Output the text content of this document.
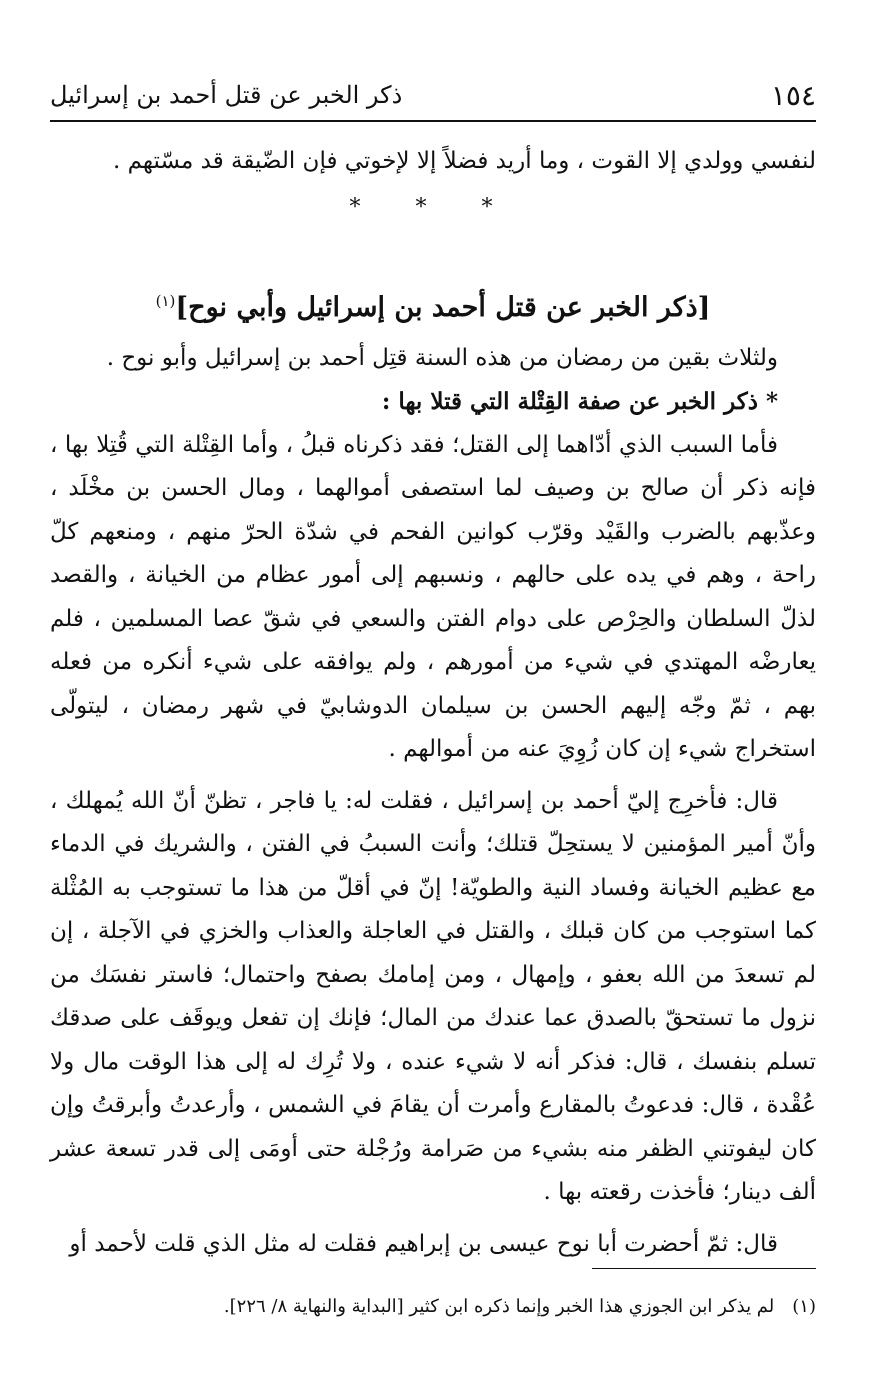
١٥٤
ذكر الخبر عن قتل أحمد بن إسرائيل

لنفسي وولدي إلا القوت ، وما أريد فضلاً إلا لإخوتي فإن الضّيقة قد مسّتهم .

* * *

[ذكر الخبر عن قتل أحمد بن إسرائيل وأبي نوح]$^{(١)}$

ولثلاث بقين من رمضان من هذه السنة قتِل أحمد بن إسرائيل وأبو نوح .

* ذكر الخبر عن صفة القِتْلة التي قتلا بها :

فأما السبب الذي أدّاهما إلى القتل؛ فقد ذكرناه قبلُ ، وأما القِتْلة التي قُتِلا بها ، فإنه ذكر أن صالح بن وصيف لما استصفى أموالهما ، ومال الحسن بن مخْلَد ، وعذّبهم بالضرب والقَيْد وقرّب كوانين الفحم في شدّة الحرّ منهم ، ومنعهم كلّ راحة ، وهم في يده على حالهم ، ونسبهم إلى أمور عظام من الخيانة ، والقصد لذلّ السلطان والحِرْص على دوام الفتن والسعي في شقّ عصا المسلمين ، فلم يعارضْه المهتدي في شيء من أمورهم ، ولم يوافقه على شيء أنكره من فعله بهم ، ثمّ وجّه إليهم الحسن بن سيلمان الدوشابيّ في شهر رمضان ، ليتولّى استخراج شيء إن كان زُوِيَ عنه من أموالهم .

قال: فأخرِج إليّ أحمد بن إسرائيل ، فقلت له: يا فاجر ، تظنّ أنّ الله يُمهلك ، وأنّ أمير المؤمنين لا يستحِلّ قتلك؛ وأنت السببُ في الفتن ، والشريك في الدماء مع عظيم الخيانة وفساد النية والطويّة! إنّ في أقلّ من هذا ما تستوجب به المُثْلة كما استوجب من كان قبلك ، والقتل في العاجلة والعذاب والخزي في الآجلة ، إن لم تسعدَ من الله بعفو ، وإمهال ، ومن إمامك بصفح واحتمال؛ فاستر نفسَك من نزول ما تستحقّ بالصدق عما عندك من المال؛ فإنك إن تفعل ويوقَف على صدقك تسلم بنفسك ، قال: فذكر أنه لا شيء عنده ، ولا تُرِك له إلى هذا الوقت مال ولا عُقْدة ، قال: فدعوتُ بالمقارع وأمرت أن يقامَ في الشمس ، وأرعدتُ وأبرقتُ وإن كان ليفوتني الظفر منه بشيء من صَرامة ورُجْلة حتى أومَى إلى قدر تسعة عشر ألف دينار؛ فأخذت رقعته بها .

قال: ثمّ أحضرت أبا نوح عيسى بن إبراهيم فقلت له مثل الذي قلت لأحمد أو

(١)
لم يذكر ابن الجوزي هذا الخبر وإنما ذكره ابن كثير [البداية والنهاية ٨/ ٢٢٦].
